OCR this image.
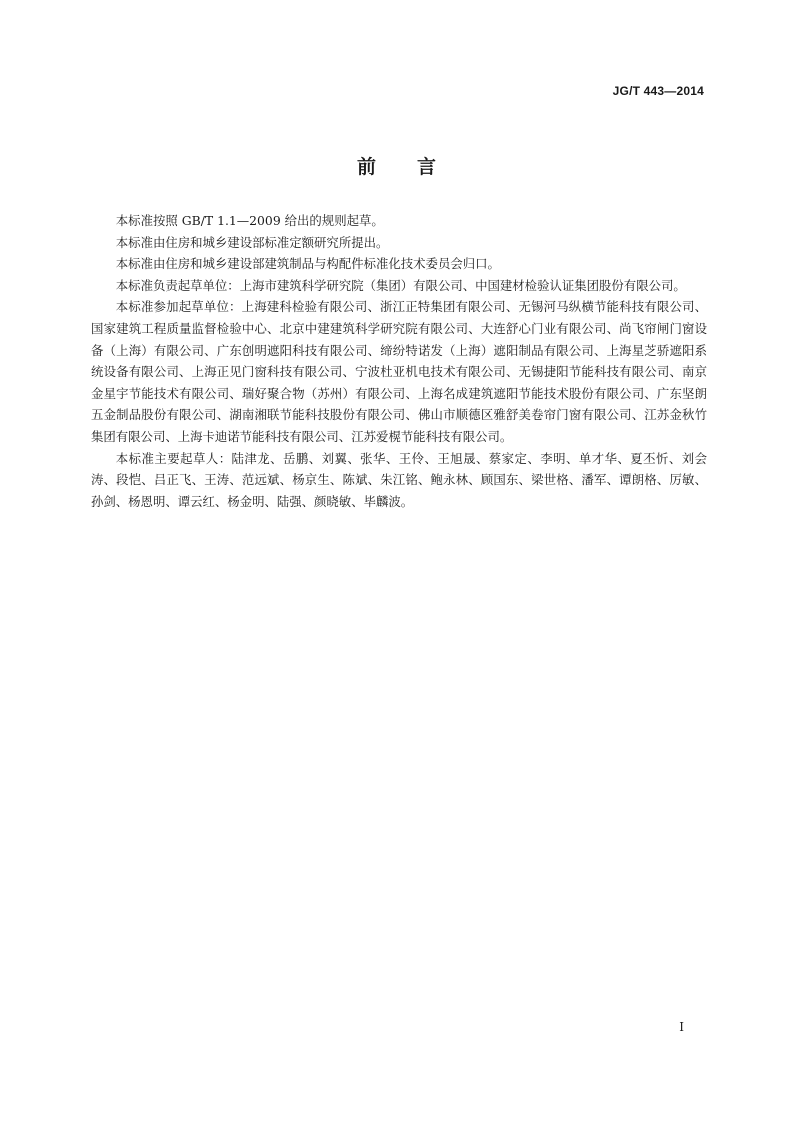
JG/T 443—2014
前 言

本标准按照 GB/T 1.1—2009 给出的规则起草。

本标准由住房和城乡建设部标准定额研究所提出。

本标准由住房和城乡建设部建筑制品与构配件标准化技术委员会归口。

本标准负责起草单位：上海市建筑科学研究院（集团）有限公司、中国建材检验认证集团股份有限公司。

本标准参加起草单位：上海建科检验有限公司、浙江正特集团有限公司、无锡河马纵横节能科技有限公司、国家建筑工程质量监督检验中心、北京中建建筑科学研究院有限公司、大连舒心门业有限公司、尚飞帘闸门窗设备（上海）有限公司、广东创明遮阳科技有限公司、缔纷特诺发（上海）遮阳制品有限公司、上海星芝骄遮阳系统设备有限公司、上海正见门窗科技有限公司、宁波杜亚机电技术有限公司、无锡捷阳节能科技有限公司、南京金星宇节能技术有限公司、瑞好聚合物（苏州）有限公司、上海名成建筑遮阳节能技术股份有限公司、广东坚朗五金制品股份有限公司、湖南湘联节能科技股份有限公司、佛山市顺德区雅舒美卷帘门窗有限公司、江苏金秋竹集团有限公司、上海卡迪诺节能科技有限公司、江苏爱榥节能科技有限公司。

本标准主要起草人：陆津龙、岳鹏、刘翼、张华、王伶、王旭晟、蔡家定、李明、单才华、夏丕忻、刘会涛、段恺、吕正飞、王涛、范远斌、杨京生、陈斌、朱江铭、鲍永林、顾国东、梁世格、潘军、谭朗格、厉敏、孙剑、杨恩明、谭云红、杨金明、陆强、颜晓敏、毕麟波。

I
